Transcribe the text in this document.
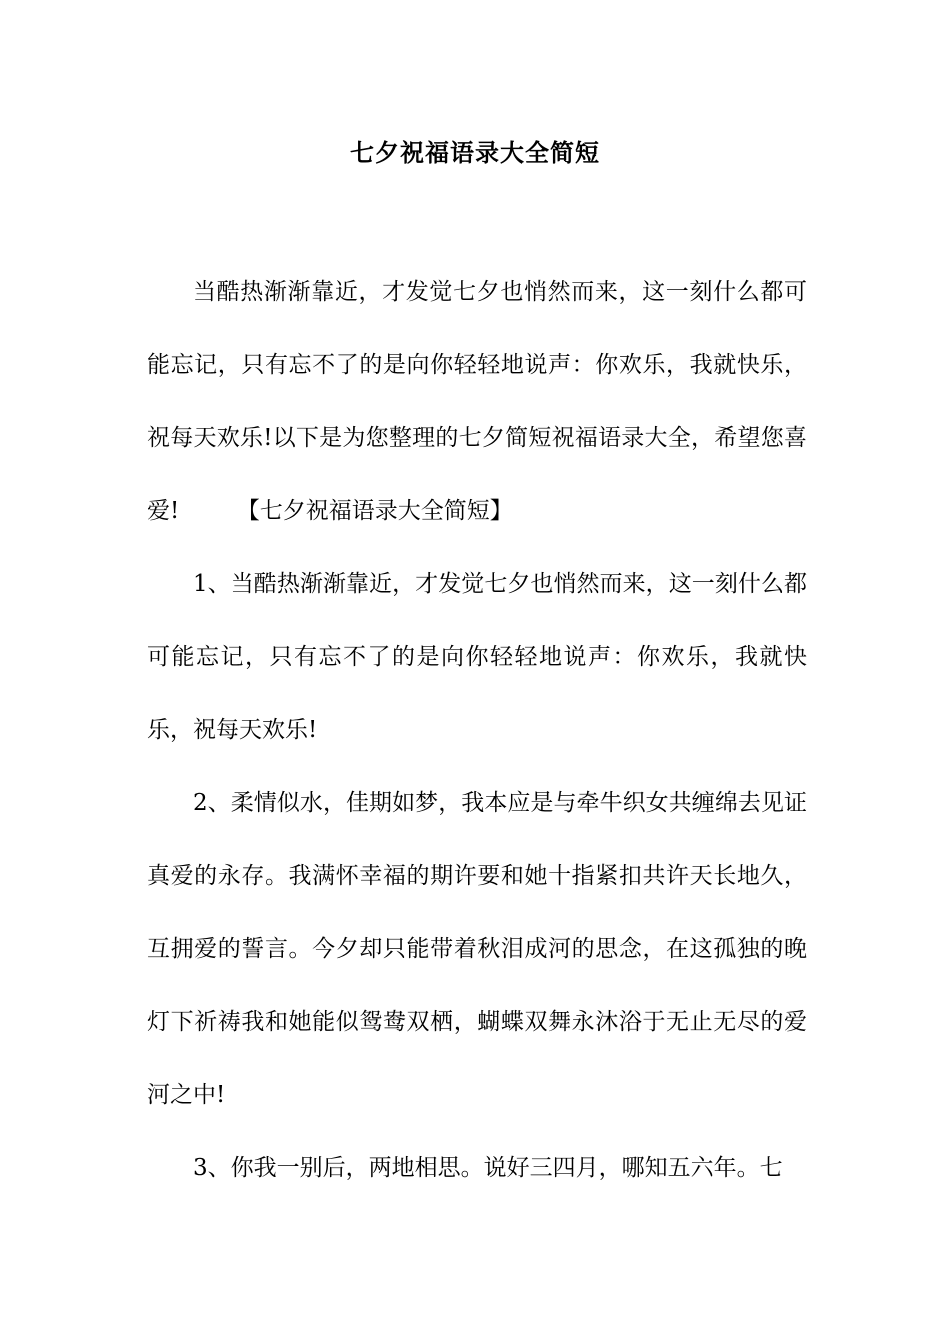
七夕祝福语录大全简短

当酷热渐渐靠近，才发觉七夕也悄然而来，这一刻什么都可能忘记，只有忘不了的是向你轻轻地说声：你欢乐，我就快乐，祝每天欢乐!以下是为您整理的七夕简短祝福语录大全，希望您喜爱!　　　【七夕祝福语录大全简短】

1、当酷热渐渐靠近，才发觉七夕也悄然而来，这一刻什么都可能忘记，只有忘不了的是向你轻轻地说声：你欢乐，我就快乐，祝每天欢乐!

2、柔情似水，佳期如梦，我本应是与牵牛织女共缠绵去见证真爱的永存。我满怀幸福的期许要和她十指紧扣共许天长地久，互拥爱的誓言。今夕却只能带着秋泪成河的思念，在这孤独的晚灯下祈祷我和她能似鸳鸯双栖，蝴蝶双舞永沐浴于无止无尽的爱河之中!

3、你我一别后，两地相思。说好三四月，哪知五六年。七
